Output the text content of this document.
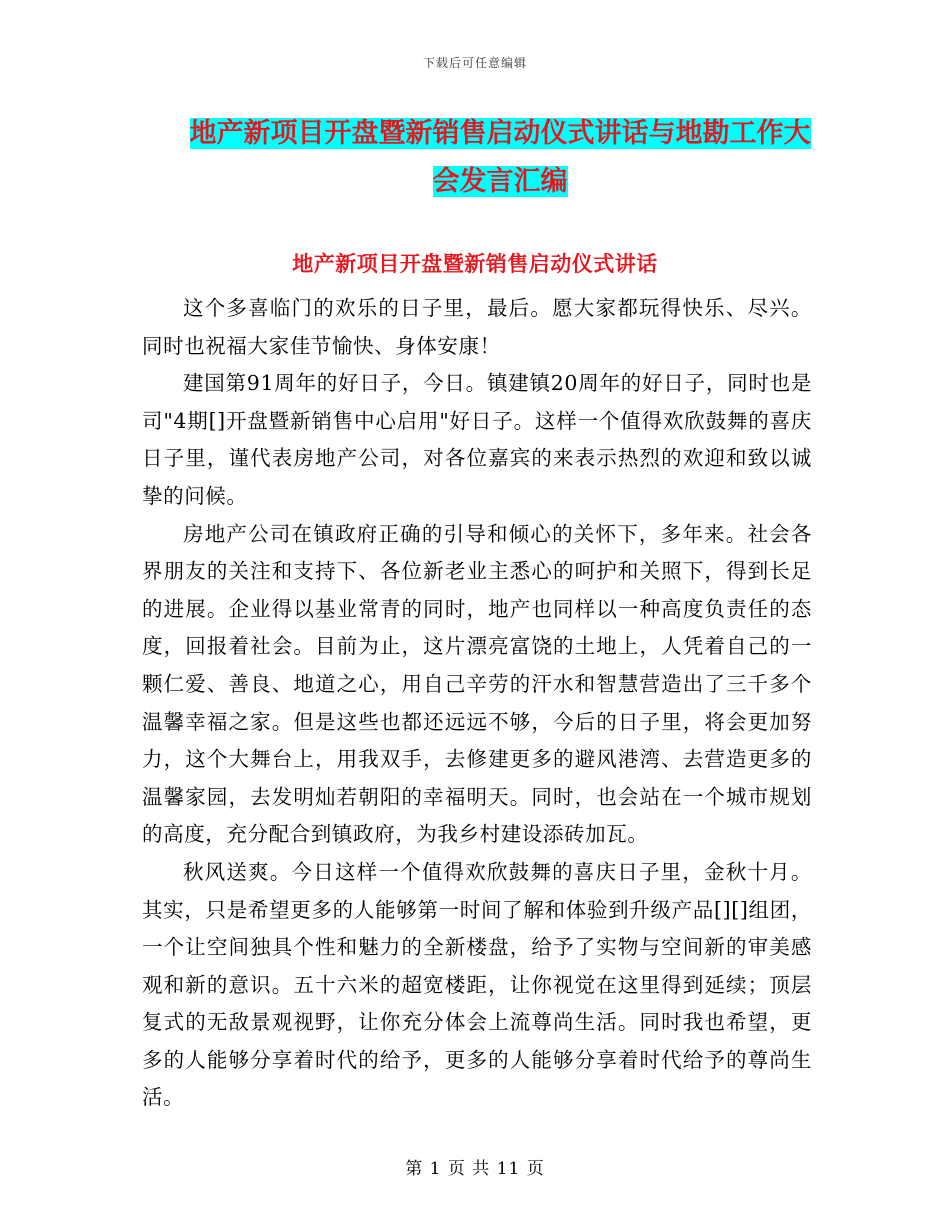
下载后可任意编辑
地产新项目开盘暨新销售启动仪式讲话与地勘工作大
会发言汇编
地产新项目开盘暨新销售启动仪式讲话

这个多喜临门的欢乐的日子里，最后。愿大家都玩得快乐、尽兴。同时也祝福大家佳节愉快、身体安康！

建国第91周年的好日子，今日。镇建镇20周年的好日子，同时也是司"4期[]开盘暨新销售中心启用"好日子。这样一个值得欢欣鼓舞的喜庆日子里，谨代表房地产公司，对各位嘉宾的来表示热烈的欢迎和致以诚挚的问候。

房地产公司在镇政府正确的引导和倾心的关怀下，多年来。社会各界朋友的关注和支持下、各位新老业主悉心的呵护和关照下，得到长足的进展。企业得以基业常青的同时，地产也同样以一种高度负责任的态度，回报着社会。目前为止，这片漂亮富饶的土地上，人凭着自己的一颗仁爱、善良、地道之心，用自己辛劳的汗水和智慧营造出了三千多个温馨幸福之家。但是这些也都还远远不够，今后的日子里，将会更加努力，这个大舞台上，用我双手，去修建更多的避风港湾、去营造更多的温馨家园，去发明灿若朝阳的幸福明天。同时，也会站在一个城市规划的高度，充分配合到镇政府，为我乡村建设添砖加瓦。

秋风送爽。今日这样一个值得欢欣鼓舞的喜庆日子里，金秋十月。其实，只是希望更多的人能够第一时间了解和体验到升级产品[][]组团，一个让空间独具个性和魅力的全新楼盘，给予了实物与空间新的审美感观和新的意识。五十六米的超宽楼距，让你视觉在这里得到延续；顶层复式的无敌景观视野，让你充分体会上流尊尚生活。同时我也希望，更多的人能够分享着时代的给予，更多的人能够分享着时代给予的尊尚生活。

第 1 页 共 11 页
